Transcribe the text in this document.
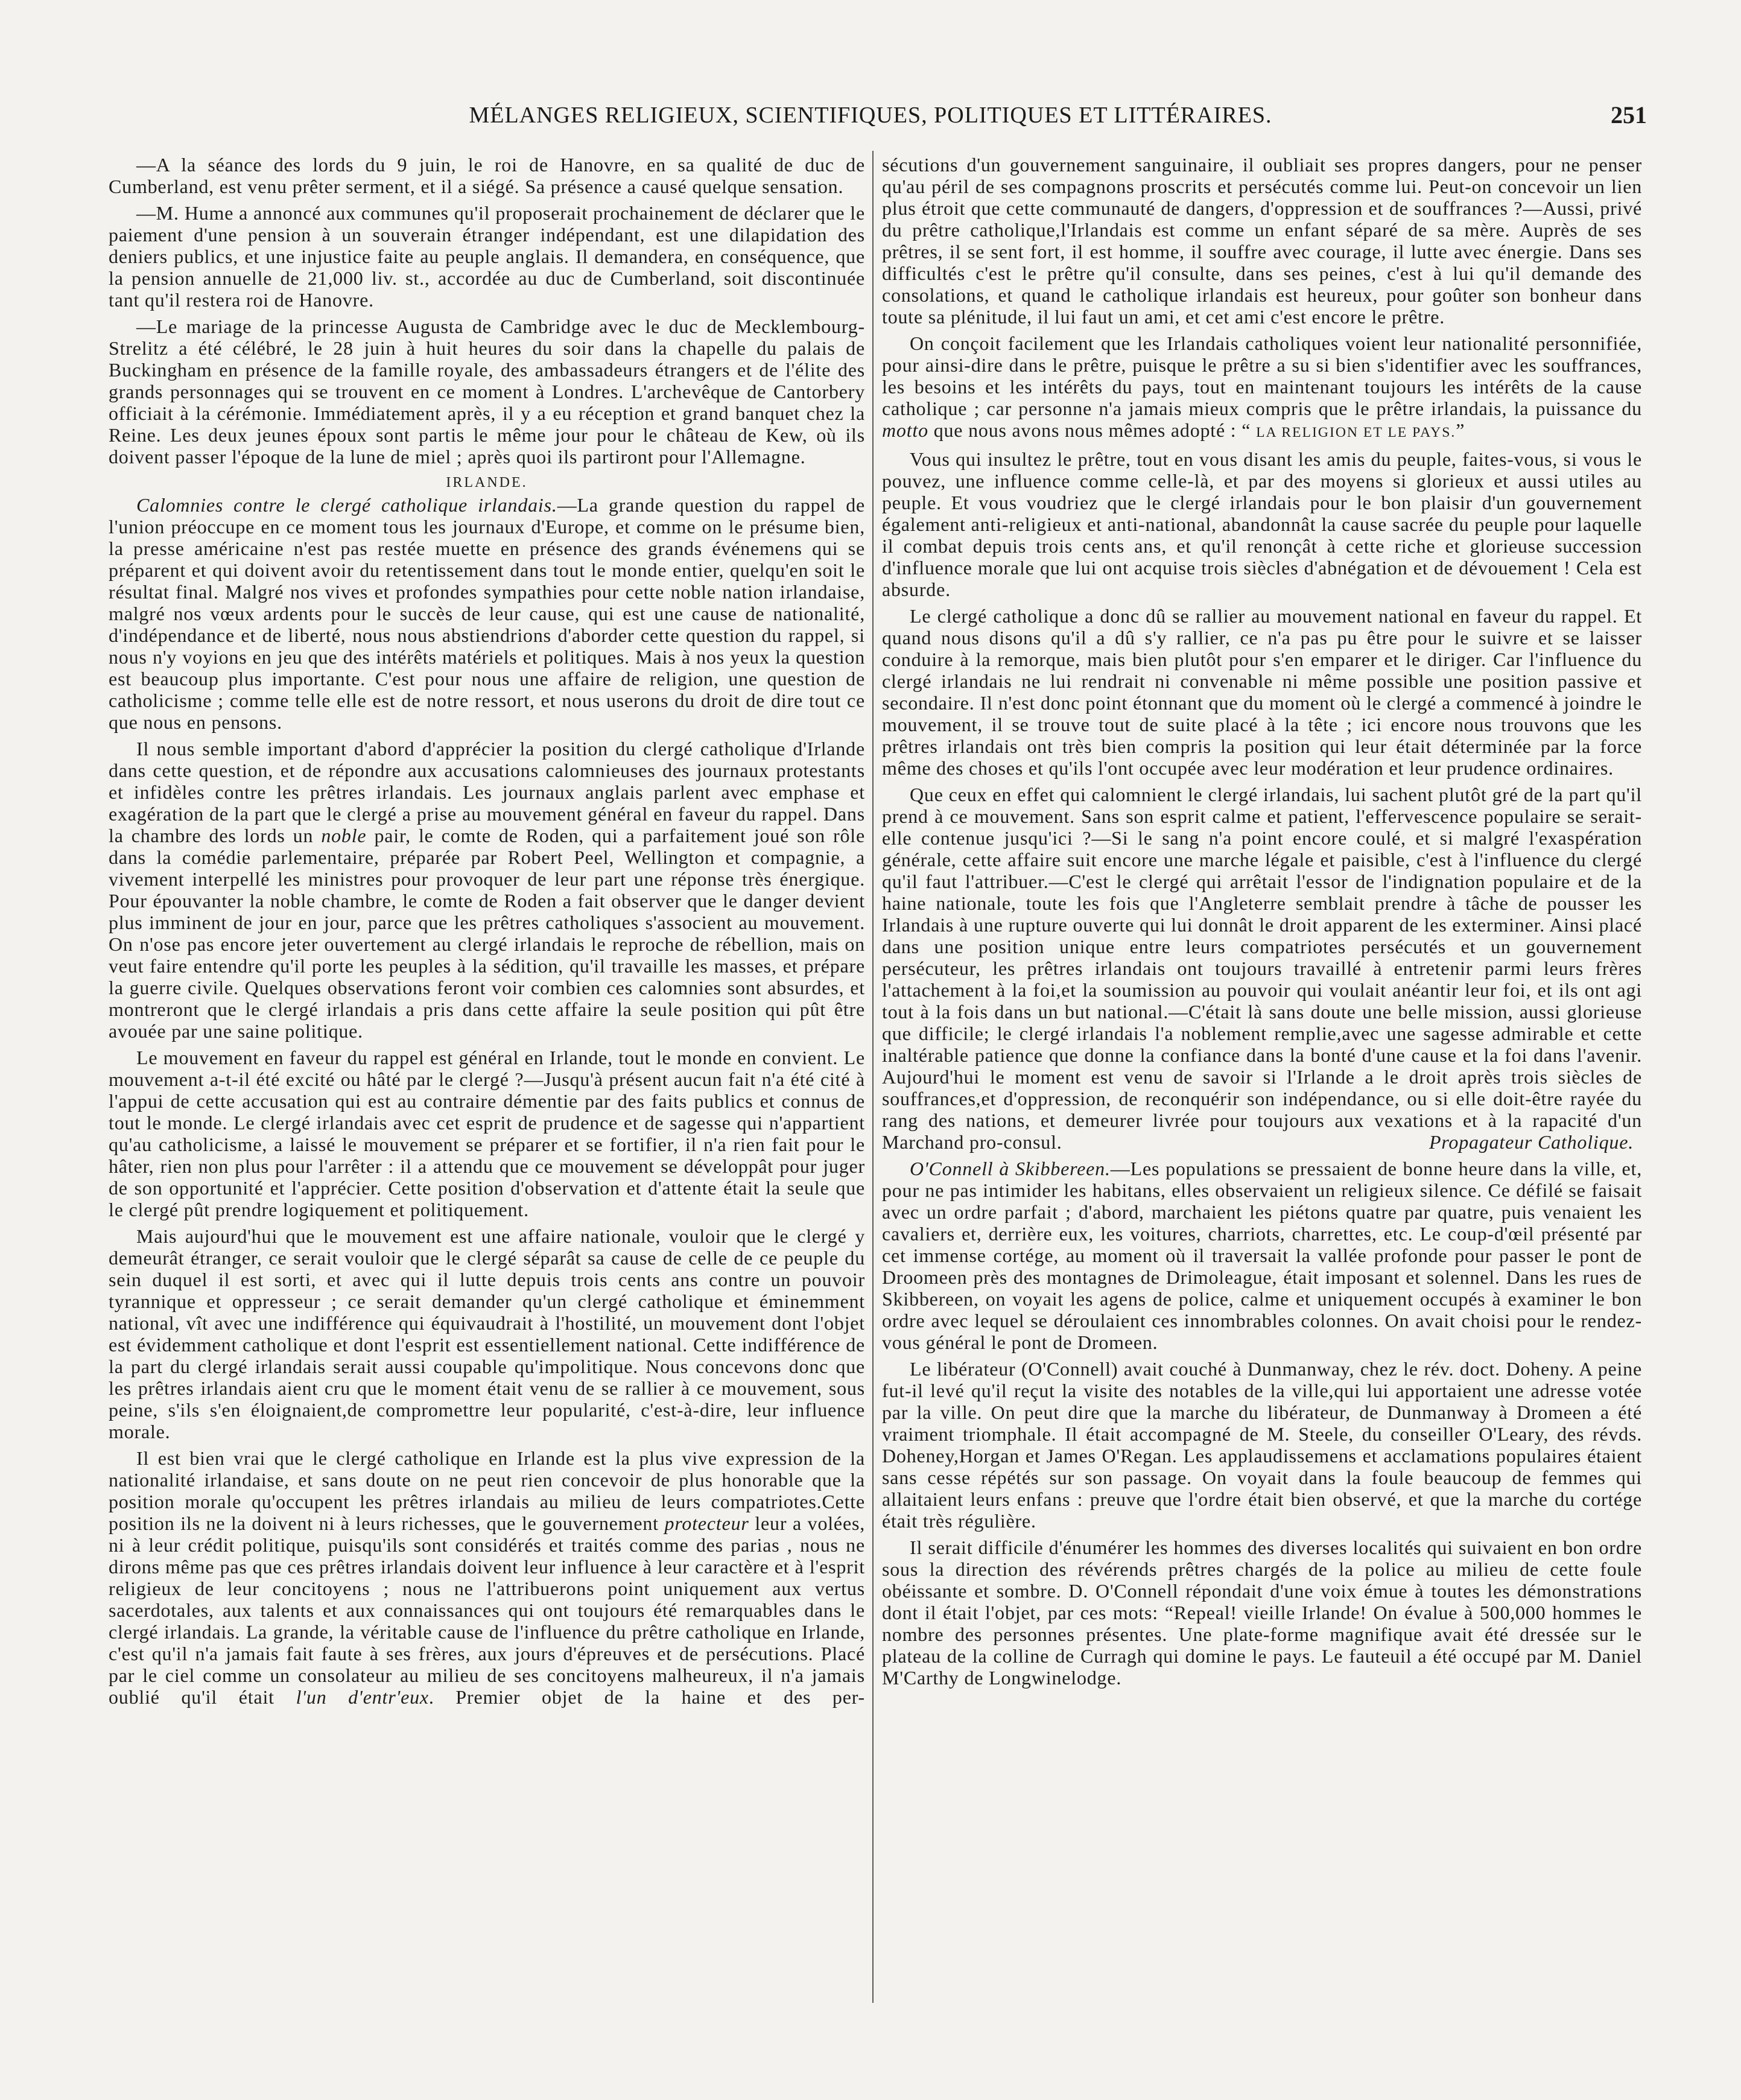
MÉLANGES RELIGIEUX, SCIENTIFIQUES, POLITIQUES ET LITTÉRAIRES.	251

—A la séance des lords du 9 juin, le roi de Hanovre, en sa qualité de duc de Cumberland, est venu prêter serment, et il a siégé. Sa présence a causé quelque sensation.

—M. Hume a annoncé aux communes qu'il proposerait prochainement de déclarer que le paiement d'une pension à un souverain étranger indépendant, est une dilapidation des deniers publics, et une injustice faite au peuple anglais. Il demandera, en conséquence, que la pension annuelle de 21,000 liv. st., accordée au duc de Cumberland, soit discontinuée tant qu'il restera roi de Hanovre.

—Le mariage de la princesse Augusta de Cambridge avec le duc de Mecklembourg-Strelitz a été célébré, le 28 juin à huit heures du soir dans la chapelle du palais de Buckingham en présence de la famille royale, des ambassadeurs étrangers et de l'élite des grands personnages qui se trouvent en ce moment à Londres. L'archevêque de Cantorbery officiait à la cérémonie. Immédiatement après, il y a eu réception et grand banquet chez la Reine. Les deux jeunes époux sont partis le même jour pour le château de Kew, où ils doivent passer l'époque de la lune de miel ; après quoi ils partiront pour l'Allemagne.

IRLANDE.

Calomnies contre le clergé catholique irlandais.—La grande question du rappel de l'union préoccupe en ce moment tous les journaux d'Europe, et comme on le présume bien, la presse américaine n'est pas restée muette en présence des grands événemens qui se préparent et qui doivent avoir du retentissement dans tout le monde entier, quelqu'en soit le résultat final. Malgré nos vives et profondes sympathies pour cette noble nation irlandaise, malgré nos vœux ardents pour le succès de leur cause, qui est une cause de nationalité, d'indépendance et de liberté, nous nous abstiendrions d'aborder cette question du rappel, si nous n'y voyions en jeu que des intérêts matériels et politiques. Mais à nos yeux la question est beaucoup plus importante. C'est pour nous une affaire de religion, une question de catholicisme ; comme telle elle est de notre ressort, et nous userons du droit de dire tout ce que nous en pensons.

Il nous semble important d'abord d'apprécier la position du clergé catholique d'Irlande dans cette question, et de répondre aux accusations calomnieuses des journaux protestants et infidèles contre les prêtres irlandais. Les journaux anglais parlent avec emphase et exagération de la part que le clergé a prise au mouvement général en faveur du rappel. Dans la chambre des lords un noble pair, le comte de Roden, qui a parfaitement joué son rôle dans la comédie parlementaire, préparée par Robert Peel, Wellington et compagnie, a vivement interpellé les ministres pour provoquer de leur part une réponse très énergique. Pour épouvanter la noble chambre, le comte de Roden a fait observer que le danger devient plus imminent de jour en jour, parce que les prêtres catholiques s'associent au mouvement. On n'ose pas encore jeter ouvertement au clergé irlandais le reproche de rébellion, mais on veut faire entendre qu'il porte les peuples à la sédition, qu'il travaille les masses, et prépare la guerre civile. Quelques observations feront voir combien ces calomnies sont absurdes, et montreront que le clergé irlandais a pris dans cette affaire la seule position qui pût être avouée par une saine politique.

Le mouvement en faveur du rappel est général en Irlande, tout le monde en convient. Le mouvement a-t-il été excité ou hâté par le clergé ?—Jusqu'à présent aucun fait n'a été cité à l'appui de cette accusation qui est au contraire démentie par des faits publics et connus de tout le monde. Le clergé irlandais avec cet esprit de prudence et de sagesse qui n'appartient qu'au catholicisme, a laissé le mouvement se préparer et se fortifier, il n'a rien fait pour le hâter, rien non plus pour l'arrêter : il a attendu que ce mouvement se développât pour juger de son opportunité et l'apprécier. Cette position d'observation et d'attente était la seule que le clergé pût prendre logiquement et politiquement.

Mais aujourd'hui que le mouvement est une affaire nationale, vouloir que le clergé y demeurât étranger, ce serait vouloir que le clergé séparât sa cause de celle de ce peuple du sein duquel il est sorti, et avec qui il lutte depuis trois cents ans contre un pouvoir tyrannique et oppresseur ; ce serait demander qu'un clergé catholique et éminemment national, vît avec une indifférence qui équivaudrait à l'hostilité, un mouvement dont l'objet est évidemment catholique et dont l'esprit est essentiellement national. Cette indifférence de la part du clergé irlandais serait aussi coupable qu'impolitique. Nous concevons donc que les prêtres irlandais aient cru que le moment était venu de se rallier à ce mouvement, sous peine, s'ils s'en éloignaient,de compromettre leur popularité, c'est-à-dire, leur influence morale.

Il est bien vrai que le clergé catholique en Irlande est la plus vive expression de la nationalité irlandaise, et sans doute on ne peut rien concevoir de plus honorable que la position morale qu'occupent les prêtres irlandais au milieu de leurs compatriotes.Cette position ils ne la doivent ni à leurs richesses, que le gouvernement protecteur leur a volées, ni à leur crédit politique, puisqu'ils sont considérés et traités comme des parias , nous ne dirons même pas que ces prêtres irlandais doivent leur influence à leur caractère et à l'esprit religieux de leur concitoyens ; nous ne l'attribuerons point uniquement aux vertus sacerdotales, aux talents et aux connaissances qui ont toujours été remarquables dans le clergé irlandais. La grande, la véritable cause de l'influence du prêtre catholique en Irlande, c'est qu'il n'a jamais fait faute à ses frères, aux jours d'épreuves et de persécutions. Placé par le ciel comme un consolateur au milieu de ses concitoyens malheureux, il n'a jamais oublié qu'il était l'un d'entr'eux. Premier objet de la haine et des per-

sécutions d'un gouvernement sanguinaire, il oubliait ses propres dangers, pour ne penser qu'au péril de ses compagnons proscrits et persécutés comme lui. Peut-on concevoir un lien plus étroit que cette communauté de dangers, d'oppression et de souffrances ?—Aussi, privé du prêtre catholique,l'Irlandais est comme un enfant séparé de sa mère. Auprès de ses prêtres, il se sent fort, il est homme, il souffre avec courage, il lutte avec énergie. Dans ses difficultés c'est le prêtre qu'il consulte, dans ses peines, c'est à lui qu'il demande des consolations, et quand le catholique irlandais est heureux, pour goûter son bonheur dans toute sa plénitude, il lui faut un ami, et cet ami c'est encore le prêtre.

On conçoit facilement que les Irlandais catholiques voient leur nationalité personnifiée, pour ainsi-dire dans le prêtre, puisque le prêtre a su si bien s'identifier avec les souffrances, les besoins et les intérêts du pays, tout en maintenant toujours les intérêts de la cause catholique ; car personne n'a jamais mieux compris que le prêtre irlandais, la puissance du motto que nous avons nous mêmes adopté : “ LA RELIGION ET LE PAYS.”

Vous qui insultez le prêtre, tout en vous disant les amis du peuple, faites-vous, si vous le pouvez, une influence comme celle-là, et par des moyens si glorieux et aussi utiles au peuple. Et vous voudriez que le clergé irlandais pour le bon plaisir d'un gouvernement également anti-religieux et anti-national, abandonnât la cause sacrée du peuple pour laquelle il combat depuis trois cents ans, et qu'il renonçât à cette riche et glorieuse succession d'influence morale que lui ont acquise trois siècles d'abnégation et de dévouement ! Cela est absurde.

Le clergé catholique a donc dû se rallier au mouvement national en faveur du rappel. Et quand nous disons qu'il a dû s'y rallier, ce n'a pas pu être pour le suivre et se laisser conduire à la remorque, mais bien plutôt pour s'en emparer et le diriger. Car l'influence du clergé irlandais ne lui rendrait ni convenable ni même possible une position passive et secondaire. Il n'est donc point étonnant que du moment où le clergé a commencé à joindre le mouvement, il se trouve tout de suite placé à la tête ; ici encore nous trouvons que les prêtres irlandais ont très bien compris la position qui leur était déterminée par la force même des choses et qu'ils l'ont occupée avec leur modération et leur prudence ordinaires.

Que ceux en effet qui calomnient le clergé irlandais, lui sachent plutôt gré de la part qu'il prend à ce mouvement. Sans son esprit calme et patient, l'effervescence populaire se serait-elle contenue jusqu'ici ?—Si le sang n'a point encore coulé, et si malgré l'exaspération générale, cette affaire suit encore une marche légale et paisible, c'est à l'influence du clergé qu'il faut l'attribuer.—C'est le clergé qui arrêtait l'essor de l'indignation populaire et de la haine nationale, toute les fois que l'Angleterre semblait prendre à tâche de pousser les Irlandais à une rupture ouverte qui lui donnât le droit apparent de les exterminer. Ainsi placé dans une position unique entre leurs compatriotes persécutés et un gouvernement persécuteur, les prêtres irlandais ont toujours travaillé à entretenir parmi leurs frères l'attachement à la foi,et la soumission au pouvoir qui voulait anéantir leur foi, et ils ont agi tout à la fois dans un but national.—C'était là sans doute une belle mission, aussi glorieuse que difficile; le clergé irlandais l'a noblement remplie,avec une sagesse admirable et cette inaltérable patience que donne la confiance dans la bonté d'une cause et la foi dans l'avenir. Aujourd'hui le moment est venu de savoir si l'Irlande a le droit après trois siècles de souffrances,et d'oppression, de reconquérir son indépendance, ou si elle doit-être rayée du rang des nations, et demeurer livrée pour toujours aux vexations et à la rapacité d'un Marchand pro-consul.	Propagateur Catholique.

O'Connell à Skibbereen.—Les populations se pressaient de bonne heure dans la ville, et, pour ne pas intimider les habitans, elles observaient un religieux silence. Ce défilé se faisait avec un ordre parfait ; d'abord, marchaient les piétons quatre par quatre, puis venaient les cavaliers et, derrière eux, les voitures, charriots, charrettes, etc. Le coup-d'œil présenté par cet immense cortége, au moment où il traversait la vallée profonde pour passer le pont de Droomeen près des montagnes de Drimoleague, était imposant et solennel. Dans les rues de Skibbereen, on voyait les agens de police, calme et uniquement occupés à examiner le bon ordre avec lequel se déroulaient ces innombrables colonnes. On avait choisi pour le rendez-vous général le pont de Dromeen.

Le libérateur (O'Connell) avait couché à Dunmanway, chez le rév. doct. Doheny. A peine fut-il levé qu'il reçut la visite des notables de la ville,qui lui apportaient une adresse votée par la ville. On peut dire que la marche du libérateur, de Dunmanway à Dromeen a été vraiment triomphale. Il était accompagné de M. Steele, du conseiller O'Leary, des révds. Doheney,Horgan et James O'Regan. Les applaudissemens et acclamations populaires étaient sans cesse répétés sur son passage. On voyait dans la foule beaucoup de femmes qui allaitaient leurs enfans : preuve que l'ordre était bien observé, et que la marche du cortége était très régulière.

Il serait difficile d'énumérer les hommes des diverses localités qui suivaient en bon ordre sous la direction des révérends prêtres chargés de la police au milieu de cette foule obéissante et sombre. D. O'Connell répondait d'une voix émue à toutes les démonstrations dont il était l'objet, par ces mots: “Repeal! vieille Irlande! On évalue à 500,000 hommes le nombre des personnes présentes. Une plate-forme magnifique avait été dressée sur le plateau de la colline de Curragh qui domine le pays. Le fauteuil a été occupé par M. Daniel M'Carthy de Longwinelodge.
